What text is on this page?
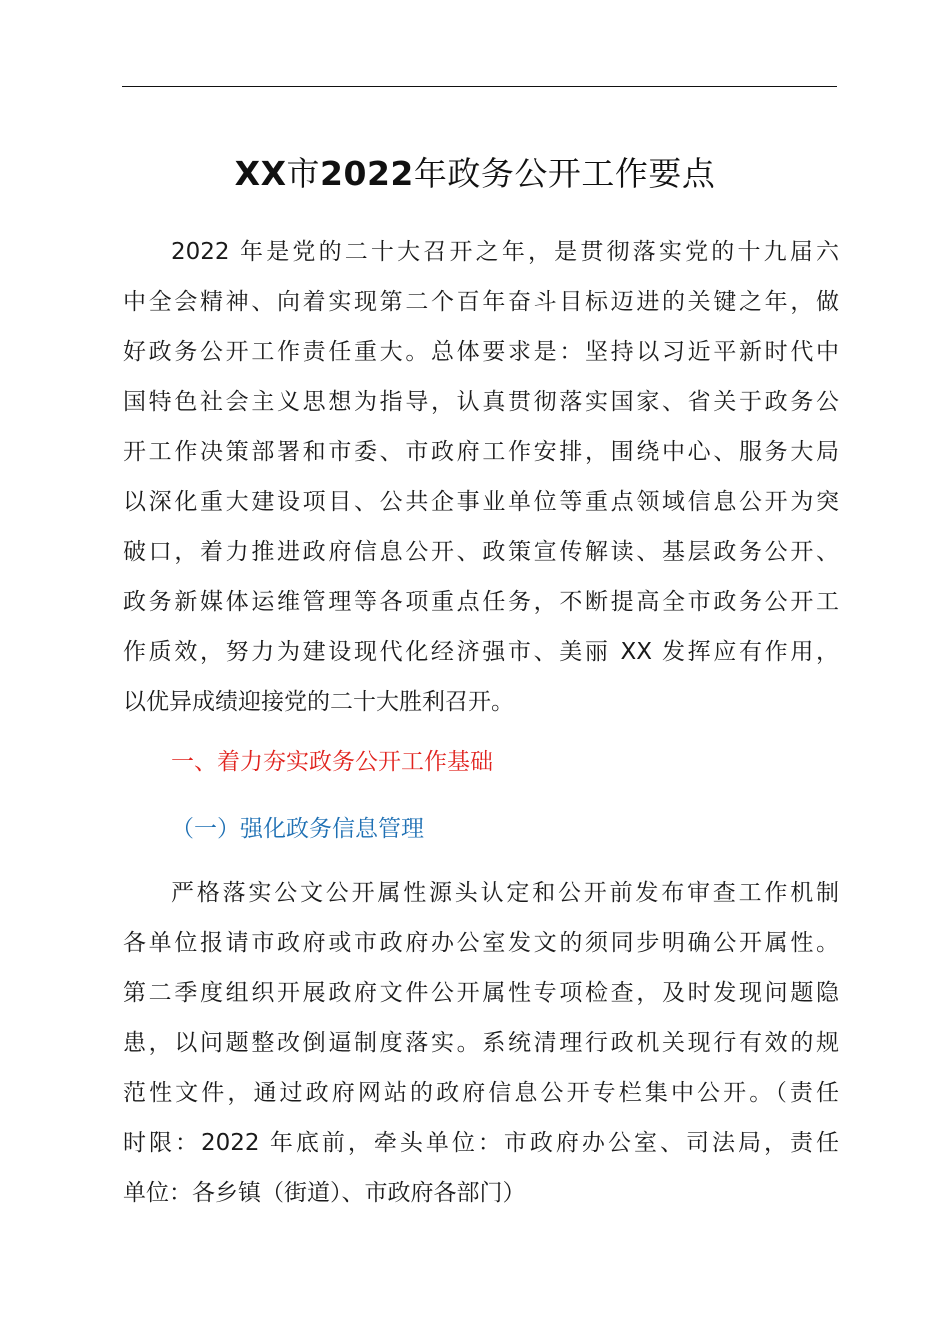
XX市2022年政务公开工作要点
2022 年是党的二十大召开之年，是贯彻落实党的十九届六
中全会精神、向着实现第二个百年奋斗目标迈进的关键之年，做
好政务公开工作责任重大。总体要求是：坚持以习近平新时代中
国特色社会主义思想为指导，认真贯彻落实国家、省关于政务公
开工作决策部署和市委、市政府工作安排，围绕中心、服务大局
以深化重大建设项目、公共企事业单位等重点领域信息公开为突
破口，着力推进政府信息公开、政策宣传解读、基层政务公开、
政务新媒体运维管理等各项重点任务，不断提高全市政务公开工
作质效，努力为建设现代化经济强市、美丽 XX 发挥应有作用，
以优异成绩迎接党的二十大胜利召开。
一、着力夯实政务公开工作基础
（一）强化政务信息管理
严格落实公文公开属性源头认定和公开前发布审查工作机制
各单位报请市政府或市政府办公室发文的须同步明确公开属性。
第二季度组织开展政府文件公开属性专项检查，及时发现问题隐
患，以问题整改倒逼制度落实。系统清理行政机关现行有效的规
范性文件，通过政府网站的政府信息公开专栏集中公开。（责任
时限：2022 年底前，牵头单位：市政府办公室、司法局，责任
单位：各乡镇（街道）、市政府各部门）
